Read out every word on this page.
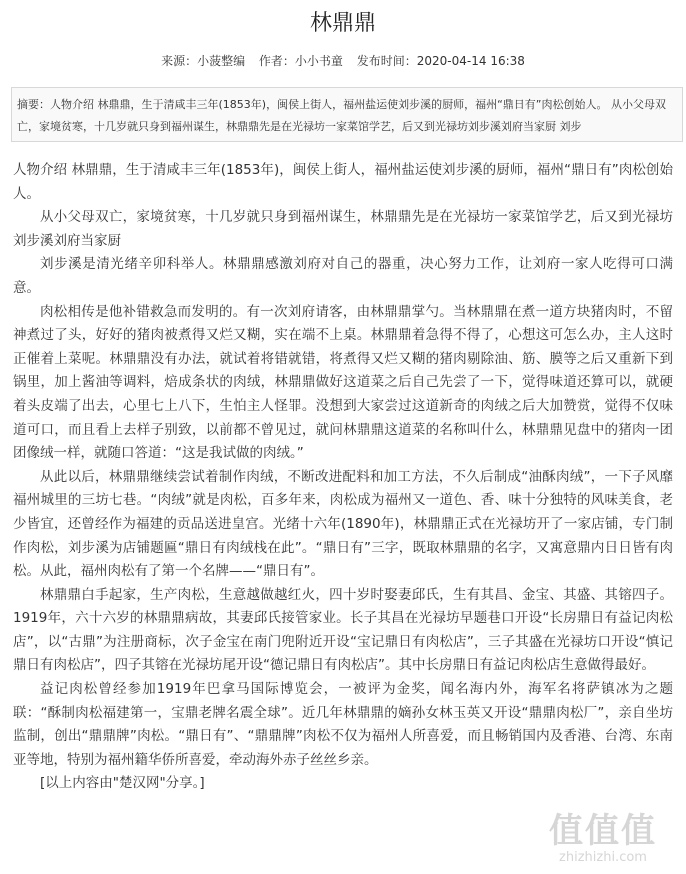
林鼎鼎
来源：小菠整编 作者：小小书童 发布时间：2020-04-14 16:38
摘要：人物介绍 林鼎鼎，生于清咸丰三年(1853年)，闽侯上街人，福州盐运使刘步溪的厨师，福州“鼎日有”肉松创始人。 从小父母双亡，家境贫寒，十几岁就只身到福州谋生，林鼎鼎先是在光禄坊一家菜馆学艺，后又到光禄坊刘步溪刘府当家厨 刘步

人物介绍 林鼎鼎，生于清咸丰三年(1853年)，闽侯上街人，福州盐运使刘步溪的厨师，福州“鼎日有”肉松创始人。

从小父母双亡，家境贫寒，十几岁就只身到福州谋生，林鼎鼎先是在光禄坊一家菜馆学艺，后又到光禄坊刘步溪刘府当家厨

刘步溪是清光绪辛卯科举人。林鼎鼎感激刘府对自己的器重，决心努力工作，让刘府一家人吃得可口满意。

肉松相传是他补错救急而发明的。有一次刘府请客，由林鼎鼎掌勺。当林鼎鼎在煮一道方块猪肉时，不留神煮过了头，好好的猪肉被煮得又烂又糊，实在端不上桌。林鼎鼎着急得不得了，心想这可怎么办，主人这时正催着上菜呢。林鼎鼎没有办法，就试着将错就错，将煮得又烂又糊的猪肉剔除油、筋、膜等之后又重新下到锅里，加上酱油等调料，焙成条状的肉绒，林鼎鼎做好这道菜之后自己先尝了一下，觉得味道还算可以，就硬着头皮端了出去，心里七上八下，生怕主人怪罪。没想到大家尝过这道新奇的肉绒之后大加赞赏，觉得不仅味道可口，而且看上去样子别致，以前都不曾见过，就问林鼎鼎这道菜的名称叫什么，林鼎鼎见盘中的猪肉一团团像绒一样，就随口答道：“这是我试做的肉绒。”

从此以后，林鼎鼎继续尝试着制作肉绒，不断改进配料和加工方法，不久后制成“油酥肉绒”，一下子风靡福州城里的三坊七巷。“肉绒”就是肉松，百多年来，肉松成为福州又一道色、香、味十分独特的风味美食，老少皆宜，还曾经作为福建的贡品送进皇宫。光绪十六年(1890年)，林鼎鼎正式在光禄坊开了一家店铺，专门制作肉松，刘步溪为店铺题匾“鼎日有肉绒栈在此”。“鼎日有”三字，既取林鼎鼎的名字，又寓意鼎内日日皆有肉松。从此，福州肉松有了第一个名牌——“鼎日有”。

林鼎鼎白手起家，生产肉松，生意越做越红火，四十岁时娶妻邱氏，生有其昌、金宝、其盛、其镕四子。1919年，六十六岁的林鼎鼎病故，其妻邱氏接管家业。长子其昌在光禄坊早题巷口开设“长房鼎日有益记肉松店”，以“古鼎”为注册商标，次子金宝在南门兜附近开设“宝记鼎日有肉松店”，三子其盛在光禄坊口开设“慎记鼎日有肉松店”，四子其镕在光禄坊尾开设“德记鼎日有肉松店”。其中长房鼎日有益记肉松店生意做得最好。

益记肉松曾经参加1919年巴拿马国际博览会，一被评为金奖，闻名海内外，海军名将萨镇冰为之题联：“酥制肉松福建第一，宝鼎老牌名震全球”。近几年林鼎鼎的嫡孙女林玉英又开设“鼎鼎肉松厂”，亲自坐坊监制，创出“鼎鼎牌”肉松。“鼎日有”、“鼎鼎牌”肉松不仅为福州人所喜爱，而且畅销国内及香港、台湾、东南亚等地，特别为福州籍华侨所喜爱，牵动海外赤子丝丝乡亲。

[以上内容由"楚汉网"分享。]

值值值
zhizhizhi.com
